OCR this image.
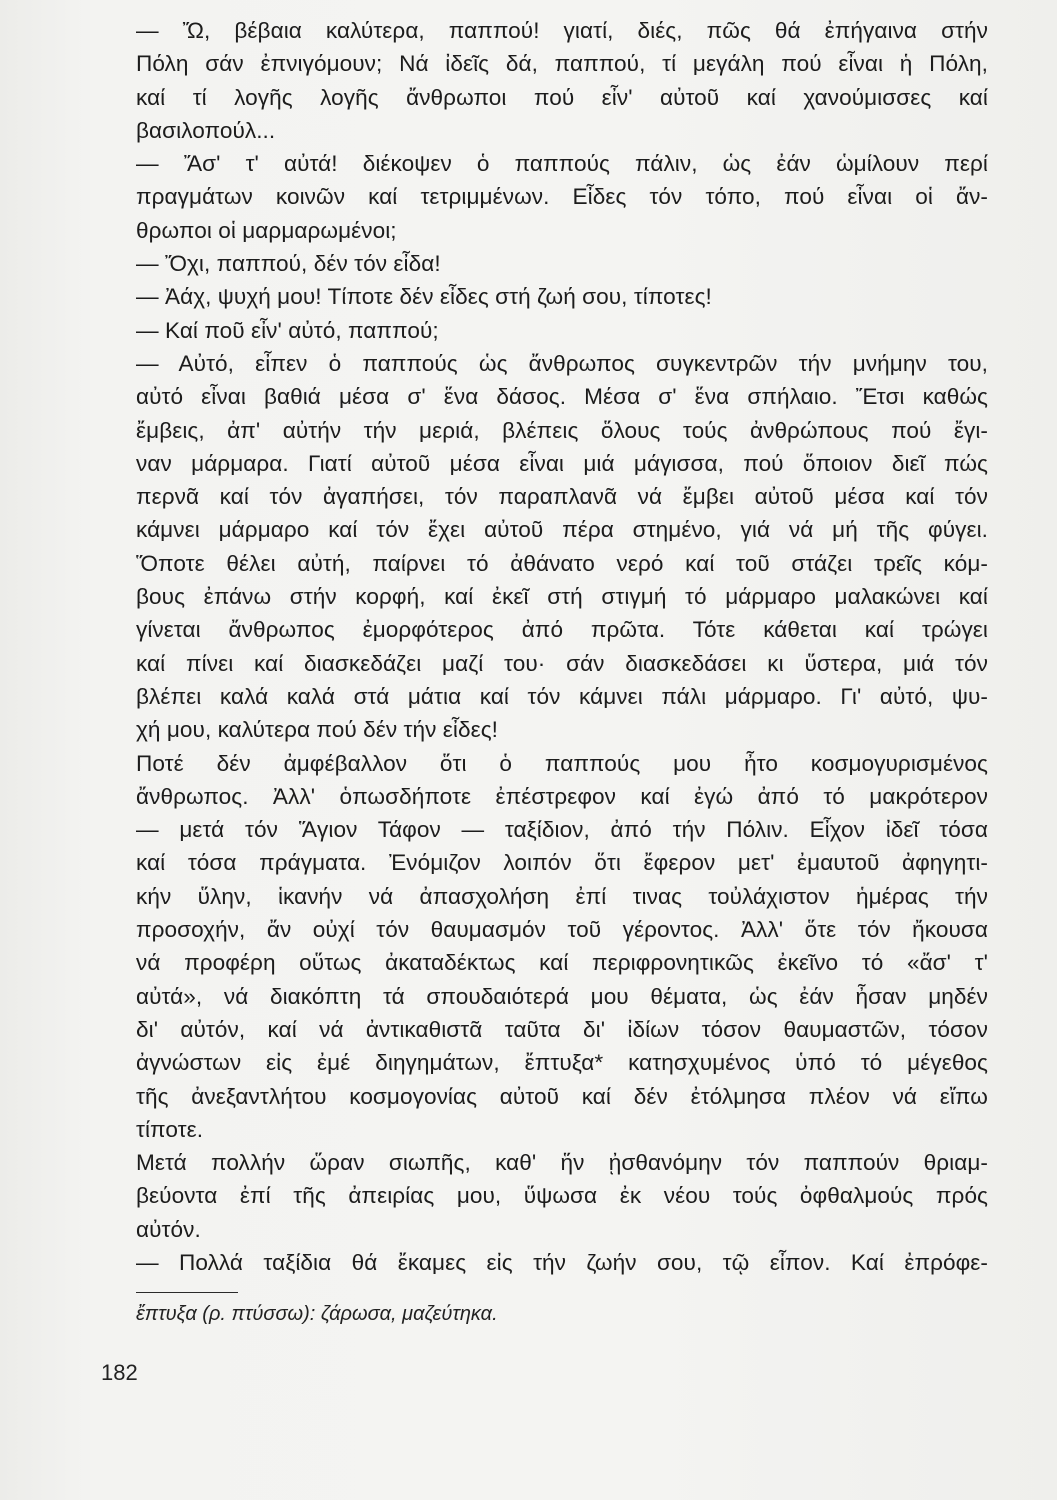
— Ὤ, βέβαια καλύτερα, παππού! γιατί, διές, πῶς θά ἐπήγαινα στήν
Πόλη σάν ἐπνιγόμουν; Νά ἰδεῖς δά, παππού, τί μεγάλη πού εἶναι ἡ Πόλη,
καί τί λογῆς λογῆς ἄνθρωποι πού εἶν' αὐτοῦ καί χανούμισσες καί
βασιλοπούλ...
— Ἄσ' τ' αὐτά! διέκοψεν ὁ παππούς πάλιν, ὡς ἐάν ὡμίλουν περί
πραγμάτων κοινῶν καί τετριμμένων. Εἶδες τόν τόπο, πού εἶναι οἱ ἄν-
θρωποι οἱ μαρμαρωμένοι;
— Ὄχι, παππού, δέν τόν εἶδα!
— Ἀάχ, ψυχή μου! Τίποτε δέν εἶδες στή ζωή σου, τίποτες!
— Καί ποῦ εἶν' αὐτό, παππού;
— Αὐτό, εἶπεν ὁ παππούς ὡς ἄνθρωπος συγκεντρῶν τήν μνήμην του,
αὐτό εἶναι βαθιά μέσα σ' ἕνα δάσος. Μέσα σ' ἕνα σπήλαιο. Ἔτσι καθώς
ἔμβεις, ἀπ' αὐτήν τήν μεριά, βλέπεις ὅλους τούς ἀνθρώπους πού ἔγι-
ναν μάρμαρα. Γιατί αὐτοῦ μέσα εἶναι μιά μάγισσα, πού ὅποιον διεῖ πώς
περνᾶ καί τόν ἀγαπήσει, τόν παραπλανᾶ νά ἔμβει αὐτοῦ μέσα καί τόν
κάμνει μάρμαρο καί τόν ἔχει αὐτοῦ πέρα στημένο, γιά νά μή τῆς φύγει.
Ὅποτε θέλει αὐτή, παίρνει τό ἀθάνατο νερό καί τοῦ στάζει τρεῖς κόμ-
βους ἐπάνω στήν κορφή, καί ἐκεῖ στή στιγμή τό μάρμαρο μαλακώνει καί
γίνεται ἄνθρωπος ἐμορφότερος ἀπό πρῶτα. Τότε κάθεται καί τρώγει
καί πίνει καί διασκεδάζει μαζί του· σάν διασκεδάσει κι ὕστερα, μιά τόν
βλέπει καλά καλά στά μάτια καί τόν κάμνει πάλι μάρμαρο. Γι' αὐτό, ψυ-
χή μου, καλύτερα πού δέν τήν εἶδες!
Ποτέ δέν ἀμφέβαλλον ὅτι ὁ παππούς μου ἦτο κοσμογυρισμένος
ἄνθρωπος. Ἀλλ' ὁπωσδήποτε ἐπέστρεφον καί ἐγώ ἀπό τό μακρότερον
— μετά τόν Ἅγιον Τάφον — ταξίδιον, ἀπό τήν Πόλιν. Εἶχον ἰδεῖ τόσα
καί τόσα πράγματα. Ἐνόμιζον λοιπόν ὅτι ἔφερον μετ' ἐμαυτοῦ ἀφηγητι-
κήν ὕλην, ἱκανήν νά ἀπασχολήση ἐπί τινας τοὐλάχιστον ἡμέρας τήν
προσοχήν, ἄν οὐχί τόν θαυμασμόν τοῦ γέροντος. Ἀλλ' ὅτε τόν ἤκουσα
νά προφέρη οὕτως ἀκαταδέκτως καί περιφρονητικῶς ἐκεῖνο τό «ἄσ' τ'
αὐτά», νά διακόπτη τά σπουδαιότερά μου θέματα, ὡς ἐάν ἦσαν μηδέν
δι' αὐτόν, καί νά ἀντικαθιστᾶ ταῦτα δι' ἰδίων τόσον θαυμαστῶν, τόσον
ἀγνώστων εἰς ἐμέ διηγημάτων, ἔπτυξα* κατησχυμένος ὑπό τό μέγεθος
τῆς ἀνεξαντλήτου κοσμογονίας αὐτοῦ καί δέν ἐτόλμησα πλέον νά εἴπω
τίποτε.
Μετά πολλήν ὥραν σιωπῆς, καθ' ἥν ᾐσθανόμην τόν παππούν θριαμ-
βεύοντα ἐπί τῆς ἀπειρίας μου, ὕψωσα ἐκ νέου τούς ὀφθαλμούς πρός
αὐτόν.
— Πολλά ταξίδια θά ἔκαμες εἰς τήν ζωήν σου, τῷ εἶπον. Καί ἐπρόφε-
ἔπτυξα (ρ. πτύσσω): ζάρωσα, μαζεύτηκα.
182
